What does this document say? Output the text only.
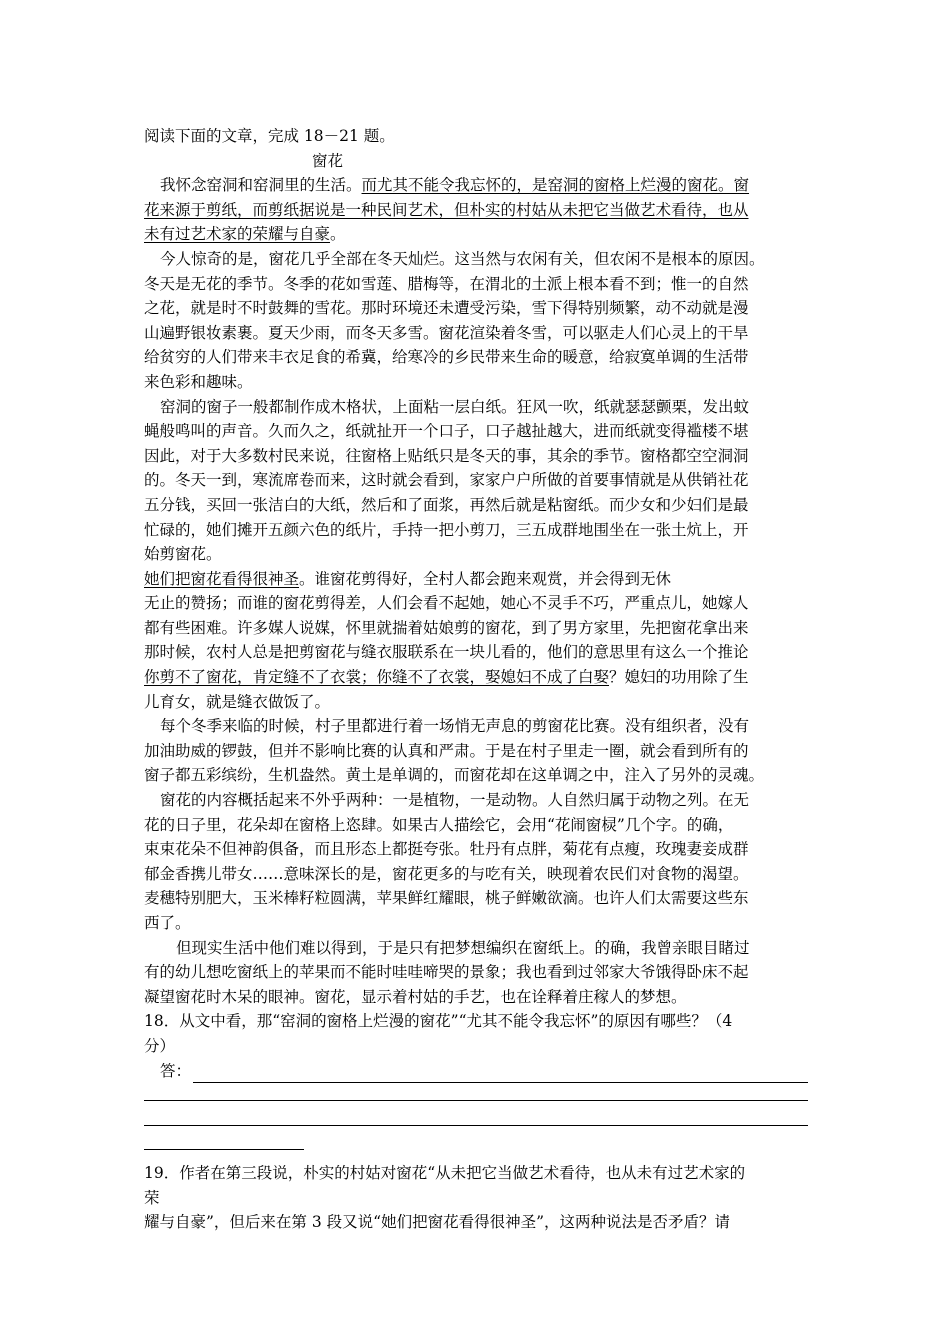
阅读下面的文章，完成 18－21 题。
窗花
我怀念窑洞和窑洞里的生活。而尤其不能令我忘怀的，是窑洞的窗格上烂漫的窗花。窗
花来源于剪纸，而剪纸据说是一种民间艺术，但朴实的村姑从未把它当做艺术看待，也从
未有过艺术家的荣耀与自豪。
今人惊奇的是，窗花几乎全部在冬天灿烂。这当然与农闲有关，但农闲不是根本的原因。
冬天是无花的季节。冬季的花如雪莲、腊梅等，在渭北的土派上根本看不到；惟一的自然
之花，就是时不时鼓舞的雪花。那时环境还未遭受污染，雪下得特别频繁，动不动就是漫
山遍野银妆素裹。夏天少雨，而冬天多雪。窗花渲染着冬雪，可以驱走人们心灵上的干旱
给贫穷的人们带来丰衣足食的希冀，给寒冷的乡民带来生命的暖意，给寂寞单调的生活带
来色彩和趣味。
窑洞的窗子一般都制作成木格状，上面粘一层白纸。狂风一吹，纸就瑟瑟颤栗，发出蚊
蝇般鸣叫的声音。久而久之，纸就扯开一个口子，口子越扯越大，进而纸就变得褴楼不堪
因此，对于大多数村民来说，往窗格上贴纸只是冬天的事，其余的季节。窗格都空空洞洞
的。冬天一到，寒流席卷而来，这时就会看到，家家户户所做的首要事情就是从供销社花
五分钱，买回一张洁白的大纸，然后和了面浆，再然后就是粘窗纸。而少女和少妇们是最
忙碌的，她们摊开五颜六色的纸片，手持一把小剪刀，三五成群地围坐在一张土炕上，开
始剪窗花。
她们把窗花看得很神圣。谁窗花剪得好，全村人都会跑来观赏，并会得到无休
无止的赞扬；而谁的窗花剪得差，人们会看不起她，她心不灵手不巧，严重点儿，她嫁人
都有些困难。许多媒人说媒，怀里就揣着姑娘剪的窗花，到了男方家里，先把窗花拿出来
那时候，农村人总是把剪窗花与缝衣服联系在一块儿看的，他们的意思里有这么一个推论
你剪不了窗花，肯定缝不了衣裳；你缝不了衣裳，娶媳妇不成了白娶？媳妇的功用除了生
儿育女，就是缝衣做饭了。
每个冬季来临的时候，村子里都进行着一场悄无声息的剪窗花比赛。没有组织者，没有
加油助威的锣鼓，但并不影响比赛的认真和严肃。于是在村子里走一圈，就会看到所有的
窗子都五彩缤纷，生机盎然。黄土是单调的，而窗花却在这单调之中，注入了另外的灵魂。
窗花的内容概括起来不外乎两种：一是植物，一是动物。人自然归属于动物之列。在无
花的日子里，花朵却在窗格上恣肆。如果古人描绘它，会用“花闹窗棂”几个字。的确，
束束花朵不但神韵俱备，而且形态上都挺夸张。牡丹有点胖，菊花有点瘦，玫瑰妻妾成群
郁金香携儿带女……意味深长的是，窗花更多的与吃有关，映现着农民们对食物的渴望。
麦穗特别肥大，玉米棒籽粒圆满，苹果鲜红耀眼，桃子鲜嫩欲滴。也许人们太需要这些东
西了。
但现实生活中他们难以得到，于是只有把梦想编织在窗纸上。的确，我曾亲眼目睹过
有的幼儿想吃窗纸上的苹果而不能时哇哇啼哭的景象；我也看到过邻家大爷饿得卧床不起
凝望窗花时木呆的眼神。窗花，显示着村姑的手艺，也在诠释着庄稼人的梦想。
18．从文中看，那“窑洞的窗格上烂漫的窗花”“尤其不能令我忘怀”的原因有哪些？（4
分）
答：
19．作者在第三段说，朴实的村姑对窗花“从未把它当做艺术看待，也从未有过艺术家的
荣
耀与自豪”，但后来在第 3 段又说“她们把窗花看得很神圣”，这两种说法是否矛盾？请
